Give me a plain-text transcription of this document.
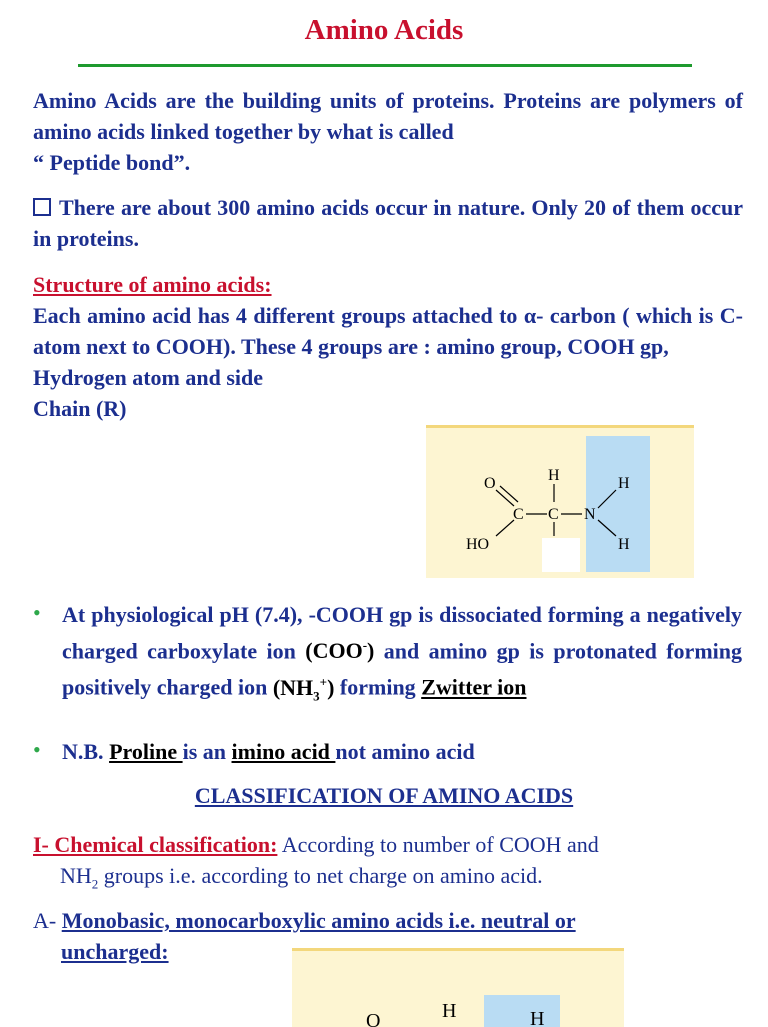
Amino Acids
Amino Acids are the building units of proteins. Proteins are polymers of amino acids linked together by what is called
“ Peptide bond”.
There are about 300 amino acids occur in nature. Only 20 of them occur in proteins.
Structure of amino acids:
Each amino acid has 4 different groups attached to α- carbon ( which is C-atom next to COOH). These 4 groups are : amino group, COOH gp,
Hydrogen atom and side
Chain (R)
O
HO
C C N
H	H
H
• At physiological pH (7.4), -COOH gp is dissociated forming a negatively charged carboxylate ion (COO-) and amino gp is protonated forming positively charged ion $(NH_3^+)$ forming Zwitter ion
• N.B. Proline is an imino acid not amino acid
CLASSIFICATION OF AMINO ACIDS
I- Chemical classification: According to number of COOH and
$NH_2$ groups i.e. according to net charge on amino acid.
A- Monobasic, monocarboxylic amino acids i.e. neutral or
uncharged:
O	H	H
